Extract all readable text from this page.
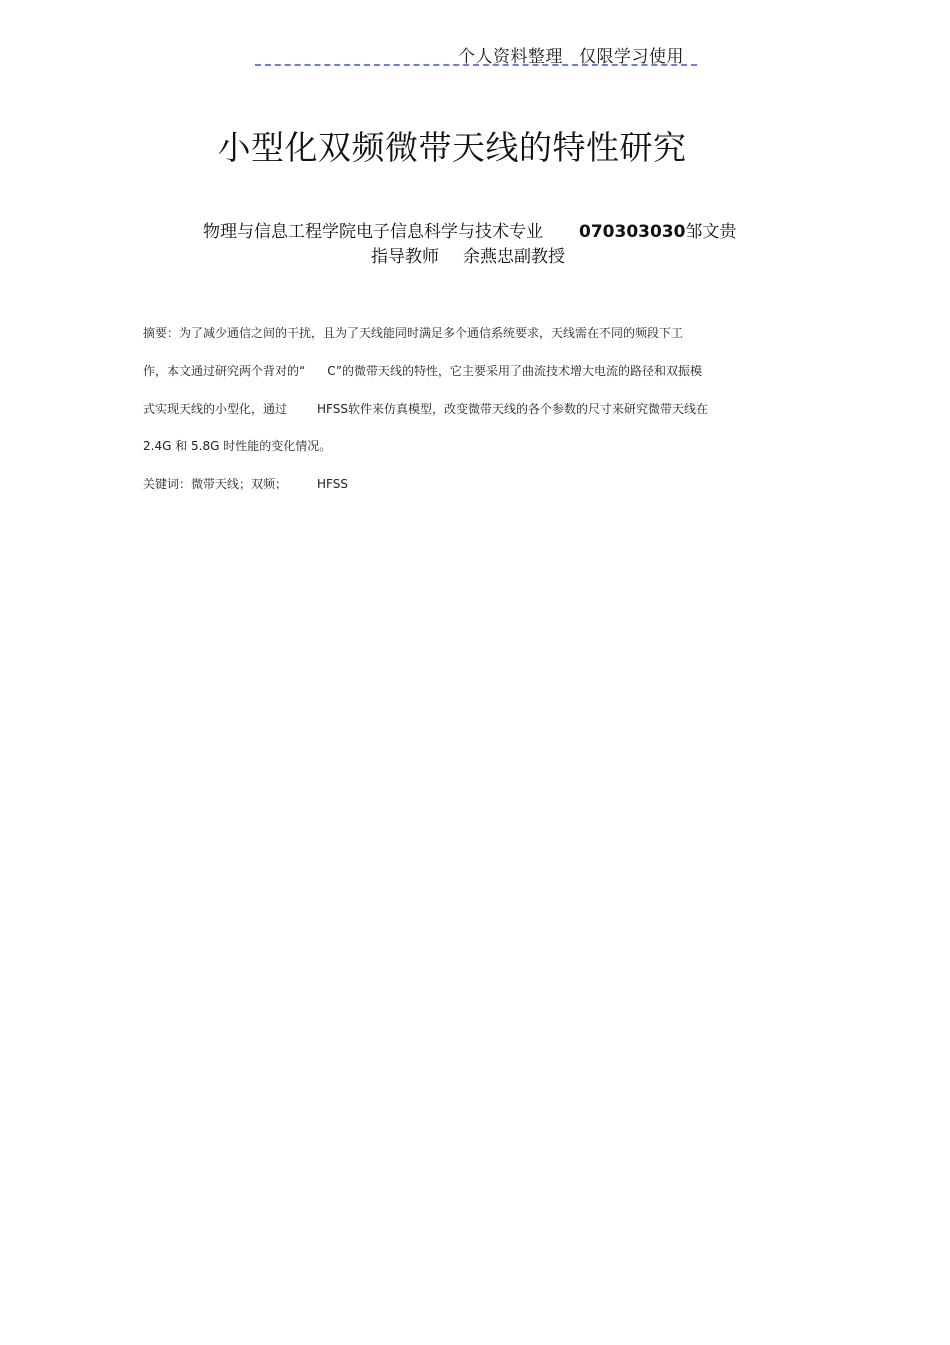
个人资料整理 仅限学习使用
小型化双频微带天线的特性研究
物理与信息工程学院电子信息科学与技术专业 070303030邹文贵
指导教师 余燕忠副教授
摘要：为了减少通信之间的干扰，且为了天线能同时满足多个通信系统要求，天线需在不同的频段下工
作，本文通过研究两个背对的“ C”的微带天线的特性，它主要采用了曲流技术增大电流的路径和双振模
式实现天线的小型化，通过	HFSS软件来仿真模型，改变微带天线的各个参数的尺寸来研究微带天线在
2.4G 和 5.8G 时性能的变化情况。
关键词：微带天线；双频；	HFSS
